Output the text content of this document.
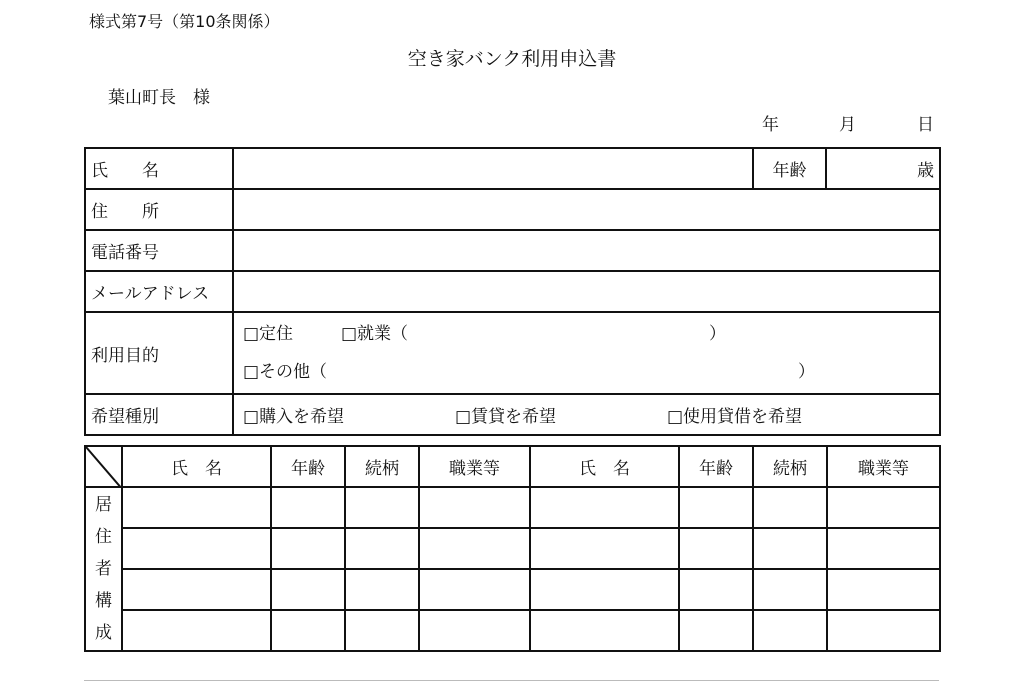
様式第7号（第10条関係）
空き家バンク利用申込書
葉山町長　様
年	月	日
氏　　名		年齢	歳
住　　所			
電話番号			
メールアドレス			
利用目的	□定住 □就業（ ）
□その他（ ）		

希望種別	□購入を希望 □賃貸を希望 □使用貸借を希望		
	氏　名	年齢	続柄	職業等	氏　名	年齢	続柄	職業等

居
住
者
構
成								
